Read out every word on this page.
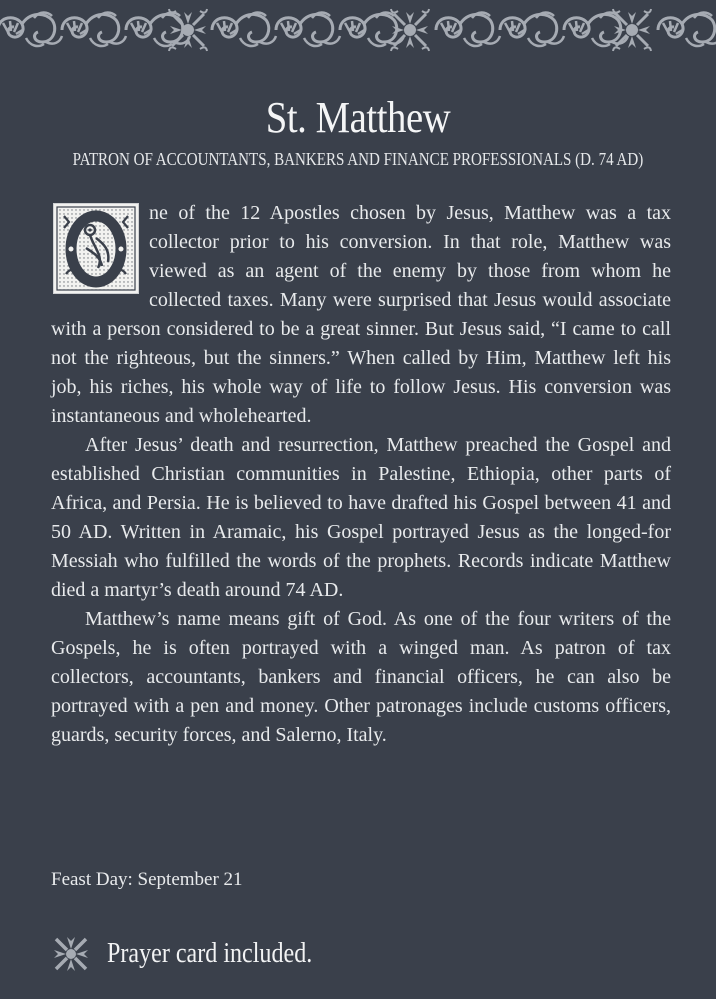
St. Matthew
PATRON OF ACCOUNTANTS, BANKERS AND FINANCE PROFESSIONALS (D. 74 AD)

ne of the 12 Apostles chosen by Jesus, Matthew was a tax collector prior to his conversion. In that role, Matthew was viewed as an agent of the enemy by those from whom he collected taxes. Many were surprised that Jesus would associate with a person considered to be a great sinner. But Jesus said, “I came to call not the righteous, but the sinners.” When called by Him, Matthew left his job, his riches, his whole way of life to follow Jesus. His conversion was instantaneous and wholehearted.

After Jesus’ death and resurrection, Matthew preached the Gospel and established Christian communities in Palestine, Ethiopia, other parts of Africa, and Persia. He is believed to have drafted his Gospel between 41 and 50 AD. Written in Aramaic, his Gospel portrayed Jesus as the longed-for Messiah who fulfilled the words of the prophets. Records indicate Matthew died a martyr’s death around 74 AD.

Matthew’s name means gift of God. As one of the four writers of the Gospels, he is often portrayed with a winged man. As patron of tax collectors, accountants, bankers and financial officers, he can also be portrayed with a pen and money. Other patronages include customs officers, guards, security forces, and Salerno, Italy.

Feast Day: September 21
Prayer card included.
